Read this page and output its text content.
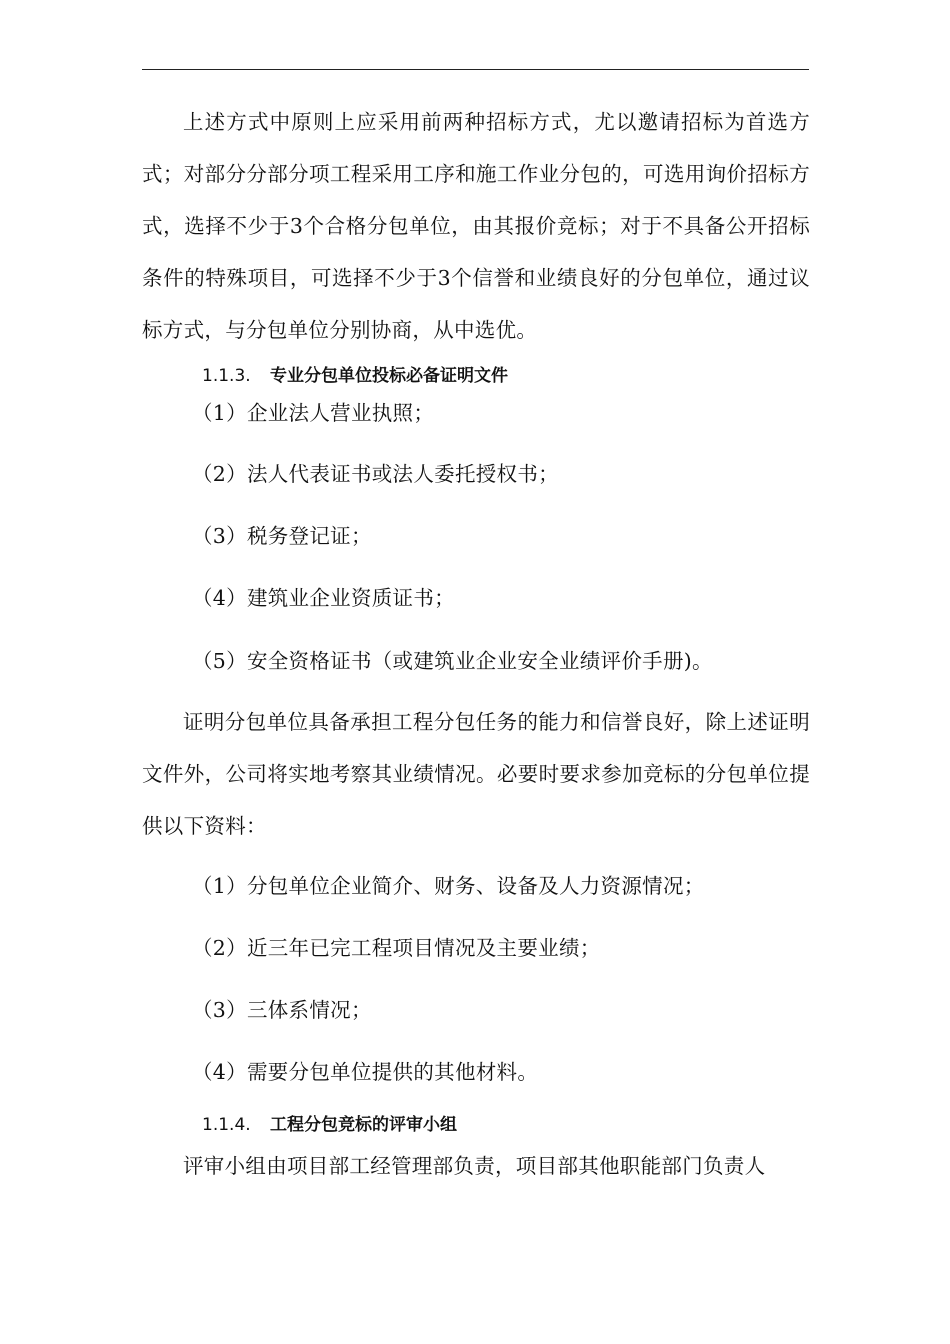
上述方式中原则上应采用前两种招标方式，尤以邀请招标为首选方式；对部分分部分项工程采用工序和施工作业分包的，可选用询价招标方式，选择不少于3个合格分包单位，由其报价竞标；对于不具备公开招标条件的特殊项目，可选择不少于3个信誉和业绩良好的分包单位，通过议标方式，与分包单位分别协商，从中选优。

1.1.3. 专业分包单位投标必备证明文件

（1）企业法人营业执照；

（2）法人代表证书或法人委托授权书；

（3）税务登记证；

（4）建筑业企业资质证书；

（5）安全资格证书（或建筑业企业安全业绩评价手册)。

证明分包单位具备承担工程分包任务的能力和信誉良好，除上述证明文件外，公司将实地考察其业绩情况。必要时要求参加竞标的分包单位提供以下资料：

（1）分包单位企业简介、财务、设备及人力资源情况；

（2）近三年已完工程项目情况及主要业绩；

（3）三体系情况；

（4）需要分包单位提供的其他材料。

1.1.4. 工程分包竞标的评审小组

评审小组由项目部工经管理部负责，项目部其他职能部门负责人
